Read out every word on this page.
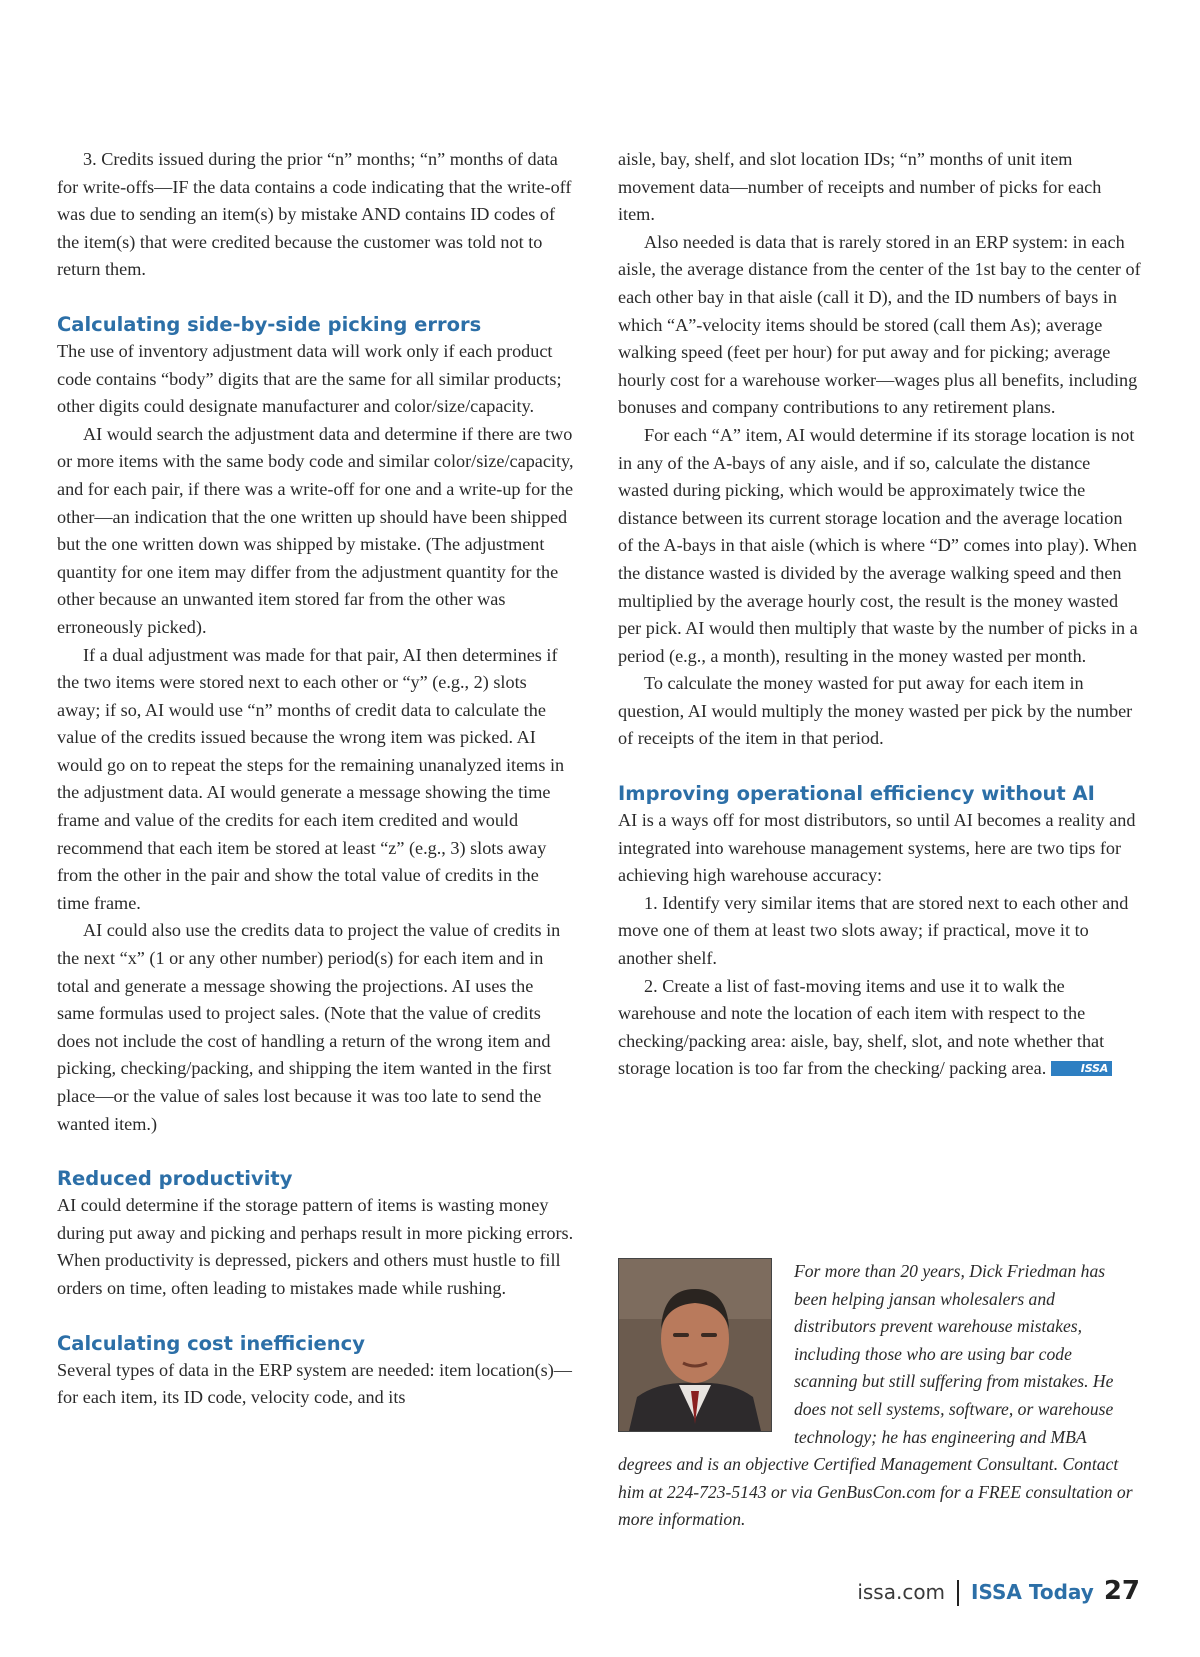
3. Credits issued during the prior “n” months; “n” months of data for write-offs—IF the data contains a code indicating that the write-off was due to sending an item(s) by mistake AND contains ID codes of the item(s) that were credited because the customer was told not to return them.

Calculating side-by-side picking errors

The use of inventory adjustment data will work only if each product code contains “body” digits that are the same for all similar products; other digits could designate manufacturer and color/size/capacity.

AI would search the adjustment data and determine if there are two or more items with the same body code and similar color/size/capacity, and for each pair, if there was a write-off for one and a write-up for the other—an indication that the one written up should have been shipped but the one written down was shipped by mistake. (The adjustment quantity for one item may differ from the adjustment quantity for the other because an unwanted item stored far from the other was erroneously picked).

If a dual adjustment was made for that pair, AI then determines if the two items were stored next to each other or “y” (e.g., 2) slots away; if so, AI would use “n” months of credit data to calculate the value of the credits issued because the wrong item was picked. AI would go on to repeat the steps for the remaining unanalyzed items in the adjustment data. AI would generate a message showing the time frame and value of the credits for each item credited and would recommend that each item be stored at least “z” (e.g., 3) slots away from the other in the pair and show the total value of credits in the time frame.

AI could also use the credits data to project the value of credits in the next “x” (1 or any other number) period(s) for each item and in total and generate a message showing the projections. AI uses the same formulas used to project sales. (Note that the value of credits does not include the cost of handling a return of the wrong item and picking, checking/packing, and shipping the item wanted in the first place—or the value of sales lost because it was too late to send the wanted item.)

Reduced productivity

AI could determine if the storage pattern of items is wasting money during put away and picking and perhaps result in more picking errors. When productivity is depressed, pickers and others must hustle to fill orders on time, often leading to mistakes made while rushing.

Calculating cost inefficiency

Several types of data in the ERP system are needed: item location(s)—for each item, its ID code, velocity code, and its

aisle, bay, shelf, and slot location IDs; “n” months of unit item movement data—number of receipts and number of picks for each item.

Also needed is data that is rarely stored in an ERP system: in each aisle, the average distance from the center of the 1st bay to the center of each other bay in that aisle (call it D), and the ID numbers of bays in which “A”-velocity items should be stored (call them As); average walking speed (feet per hour) for put away and for picking; average hourly cost for a warehouse worker—wages plus all benefits, including bonuses and company contributions to any retirement plans.

For each “A” item, AI would determine if its storage location is not in any of the A-bays of any aisle, and if so, calculate the distance wasted during picking, which would be approximately twice the distance between its current storage location and the average location of the A-bays in that aisle (which is where “D” comes into play). When the distance wasted is divided by the average walking speed and then multiplied by the average hourly cost, the result is the money wasted per pick. AI would then multiply that waste by the number of picks in a period (e.g., a month), resulting in the money wasted per month.

To calculate the money wasted for put away for each item in question, AI would multiply the money wasted per pick by the number of receipts of the item in that period.

Improving operational efficiency without AI

AI is a ways off for most distributors, so until AI becomes a reality and integrated into warehouse management systems, here are two tips for achieving high warehouse accuracy:

1. Identify very similar items that are stored next to each other and move one of them at least two slots away; if practical, move it to another shelf.

2. Create a list of fast-moving items and use it to walk the warehouse and note the location of each item with respect to the checking/packing area: aisle, bay, shelf, slot, and note whether that storage location is too far from the checking/ packing area.	ISSA

For more than 20 years, Dick Friedman has been helping jansan wholesalers and distributors prevent warehouse mistakes, including those who are using bar code scanning but still suffering from mistakes. He does not sell systems, software, or warehouse technology; he has engineering and MBA degrees and is an objective Certified Management Consultant. Contact him at 224-723-5143 or via GenBusCon.com for a FREE consultation or more information.

issa.com ISSA Today 27
